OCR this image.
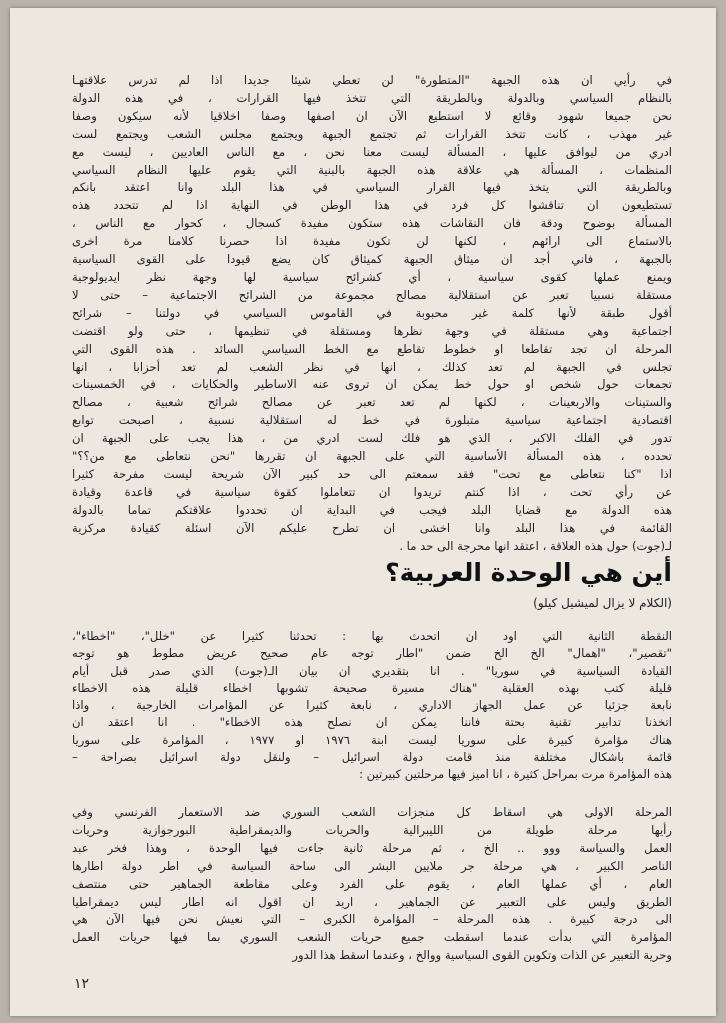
في رأيي ان هذه الجبهة "المتطورة" لن تعطي شيئا جديدا اذا لم تدرس علاقتهـا
بالنظام السياسي وبالدولة وبالطريقة التي تتخذ فيها القرارات ، في هذه الدولة
نحن جميعا شهود وقائع لا استطيع الآن ان اصفها وصفا اخلاقيا لأنه سيكون وصفا
غير مهذب ، كانت تتخذ القرارات ثم تجتمع الجبهة ويجتمع مجلس الشعب ويجتمع لست
ادري من ليوافق عليها ، المسألة ليست معنا نحن ، مع الناس العاديين ، ليست مع
المنظمات ، المسألة هي علاقة هذه الجبهة بالبنية التي يقوم عليها النظام السياسي
وبالطريقة التي يتخذ فيها القرار السياسي في هذا البلد وانا اعتقد بانكم
تستطيعون ان تناقشوا كل فرد في هذا الوطن في النهاية اذا لم تتحدد هذه
المسألة بوضوح ودقة فان النقاشات هذه ستكون مفيدة كسجال ، كحوار مع الناس ،
بالاستماع الى ارائهم ، لكنها لن تكون مفيدة اذا حصرنا كلامنا مرة اخرى
بالجبهة ، فاني أجد ان ميثاق الجبهة كميثاق كان يضع قيودا على القوى السياسية
ويمنع عملها كقوى سياسية ، أي كشرائح سياسية لها وجهة نظر ايديولوجية
مستقلة نسبيا تعبر عن استقلالية مصالح مجموعة من الشرائح الاجتماعية – حتى لا
أقول طبقة لأنها كلمة غير محبوبة في القاموس السياسي في دولتنا – شرائح
اجتماعية وهي مستقلة في وجهة نظرها ومستقلة في تنظيمها ، حتى ولو اقتضت
المرحلة ان تجد تقاطعا او خطوط تقاطع مع الخط السياسي السائد . هذه القوى التي
تجلس في الجبهة لم تعد كذلك ، انها في نظر الشعب لم تعد أحزابا ، انها
تجمعات حول شخص او حول خط يمكن ان تروى عنه الاساطير والحكايات ، في الخمسينات
والستينات والاربعينات ، لكنها لم تعد تعبر عن مصالح شرائح شعبية ، مصالح
اقتصادية اجتماعية سياسية متبلورة في خط له استقلالية نسبية ، اصبحت توابع
تدور في الفلك الاكبر ، الذي هو فلك لست ادري من ، هذا يجب على الجبهة ان
تحدده ، هذه المسألة الأساسية التي على الجبهة ان تقررها "نحن نتعاطى مع من؟؟"
اذا "كنا نتعاطى مع تحت" فقد سمعتم الى حد كبير الآن شريحة ليست مفرحة كثيرا
عن رأي تحت ، اذا كنتم تريدوا ان تتعاملوا كقوة سياسية في قاعدة وقيادة
هذه الدولة مع قضايا البلد فيجب في البداية ان تحددوا علاقتكم تماما بالدولة
القائمة في هذا البلد وانا اخشى ان تطرح عليكم الآن اسئلة كقيادة مركزية
لـ(جوت) حول هذه العلاقة ، اعتقد انها محرجة الى حد ما .
أين هي الوحدة العربية؟
(الكلام لا يزال لميشيل كيلو)
النقطة الثانية التي اود ان اتحدث بها : تحدثنا كثيرا عن "خلل"، "اخطاء"،
"تقصير"، "اهمال" الخ الخ ضمن "اطار توجه عام صحيح عريض مطوط هو توجه
القيادة السياسية في سوريا" . انا بتقديري ان بيان الـ(جوت) الذي صدر قبل أيام
قليلة كتب بهذه العقلية "هناك مسيرة صحيحة تشوبها اخطاء قليلة هذه الاخطاء
نابعة جزئيا عن عمل الجهاز الاداري ، نابعة كثيرا عن المؤامرات الخارجية ، واذا
اتخذنا تدابير تقنية بحتة فاننا يمكن ان نصلح هذه الاخطاء" . انا اعتقد ان
هناك مؤامرة كبيرة على سوريا ليست ابنة ١٩٧٦ او ١٩٧٧ ، المؤامرة على سوريا
قائمة باشكال مختلفة منذ قامت دولة اسرائيل – ولنقل دولة اسرائيل بصراحة –
هذه المؤامرة مرت بمراحل كثيرة ، انا اميز فيها مرحلتين كبيرتين :
المرحلة الاولى هي اسقاط كل منجزات الشعب السوري ضد الاستعمار الفرنسي وفي
رأيها مرحلة طويلة من الليبرالية والحريات والديمقراطية البورجوازية وحريات
العمل والسياسة ووو .. الخ ، ثم مرحلة ثانية جاءت فيها الوحدة ، وهذا فخر عبد
الناصر الكبير ، هي مرحلة جر ملايين البشر الى ساحة السياسة في اطر دولة اطارها
العام ، أي عملها العام ، يقوم على الفرد وعلى مقاطعة الجماهير حتى منتصف
الطريق وليس على التعبير عن الجماهير ، اريد ان اقول انه اطار ليس ديمقراطيا
الى درجة كبيرة . هذه المرحلة – المؤامرة الكبرى – التي نعيش نحن فيها الآن هي
المؤامرة التي بدأت عندما اسقطت جميع حريات الشعب السوري بما فيها حريات العمل
وحرية التعبير عن الذات وتكوين القوى السياسية ووالخ ، وعندما اسقط هذا الدور
١٢
